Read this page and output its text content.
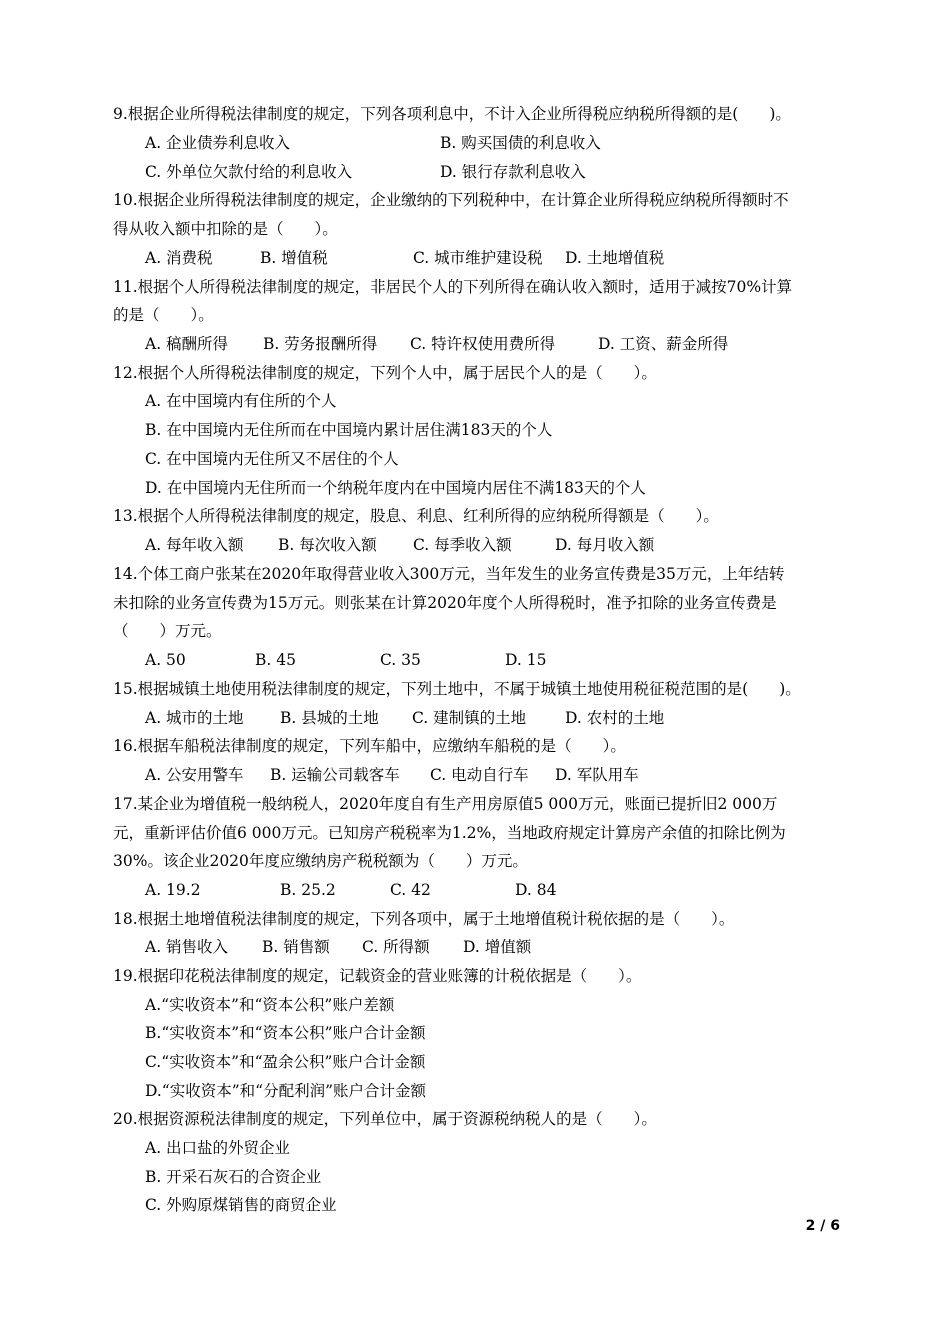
9.根据企业所得税法律制度的规定，下列各项利息中，不计入企业所得税应纳税所得额的是(　　)。
A. 企业债券利息收入	B. 购买国债的利息收入
C. 外单位欠款付给的利息收入	D. 银行存款利息收入
10.根据企业所得税法律制度的规定，企业缴纳的下列税种中，在计算企业所得税应纳税所得额时不
得从收入额中扣除的是（　　）。
A. 消费税	B. 增值税	C. 城市维护建设税 D. 土地增值税
11.根据个人所得税法律制度的规定，非居民个人的下列所得在确认收入额时，适用于减按70%计算
的是（　　）。
A. 稿酬所得 B. 劳务报酬所得 C. 特许权使用费所得	D. 工资、薪金所得
12.根据个人所得税法律制度的规定，下列个人中，属于居民个人的是（　　）。
A. 在中国境内有住所的个人
B. 在中国境内无住所而在中国境内累计居住满183天的个人
C. 在中国境内无住所又不居住的个人
D. 在中国境内无住所而一个纳税年度内在中国境内居住不满183天的个人
13.根据个人所得税法律制度的规定，股息、利息、红利所得的应纳税所得额是（　　）。
A. 每年收入额 B. 每次收入额 C. 每季收入额	D. 每月收入额
14.个体工商户张某在2020年取得营业收入300万元，当年发生的业务宣传费是35万元，上年结转
未扣除的业务宣传费为15万元。则张某在计算2020年度个人所得税时，准予扣除的业务宣传费是
（　　）万元。
A. 50	B. 45	C. 35	D. 15
15.根据城镇土地使用税法律制度的规定，下列土地中，不属于城镇土地使用税征税范围的是(　　)。
A. 城市的土地 B. 县城的土地 C. 建制镇的土地	D. 农村的土地
16.根据车船税法律制度的规定，下列车船中，应缴纳车船税的是（　　）。
A. 公安用警车 B. 运输公司载客车 C. 电动自行车 D. 军队用车
17.某企业为增值税一般纳税人，2020年度自有生产用房原值5 000万元，账面已提折旧2 000万
元，重新评估价值6 000万元。已知房产税税率为1.2%，当地政府规定计算房产余值的扣除比例为
30%。该企业2020年度应缴纳房产税税额为（　　）万元。
A. 19.2	B. 25.2	C. 42	D. 84
18.根据土地增值税法律制度的规定，下列各项中，属于土地增值税计税依据的是（　　）。
A. 销售收入 B. 销售额 C. 所得额 D. 增值额
19.根据印花税法律制度的规定，记载资金的营业账簿的计税依据是（　　）。
A.“实收资本”和“资本公积”账户差额
B.“实收资本”和“资本公积”账户合计金额
C.“实收资本”和“盈余公积”账户合计金额
D.“实收资本”和“分配利润”账户合计金额
20.根据资源税法律制度的规定，下列单位中，属于资源税纳税人的是（　　）。
A. 出口盐的外贸企业
B. 开采石灰石的合资企业
C. 外购原煤销售的商贸企业
2 / 6
